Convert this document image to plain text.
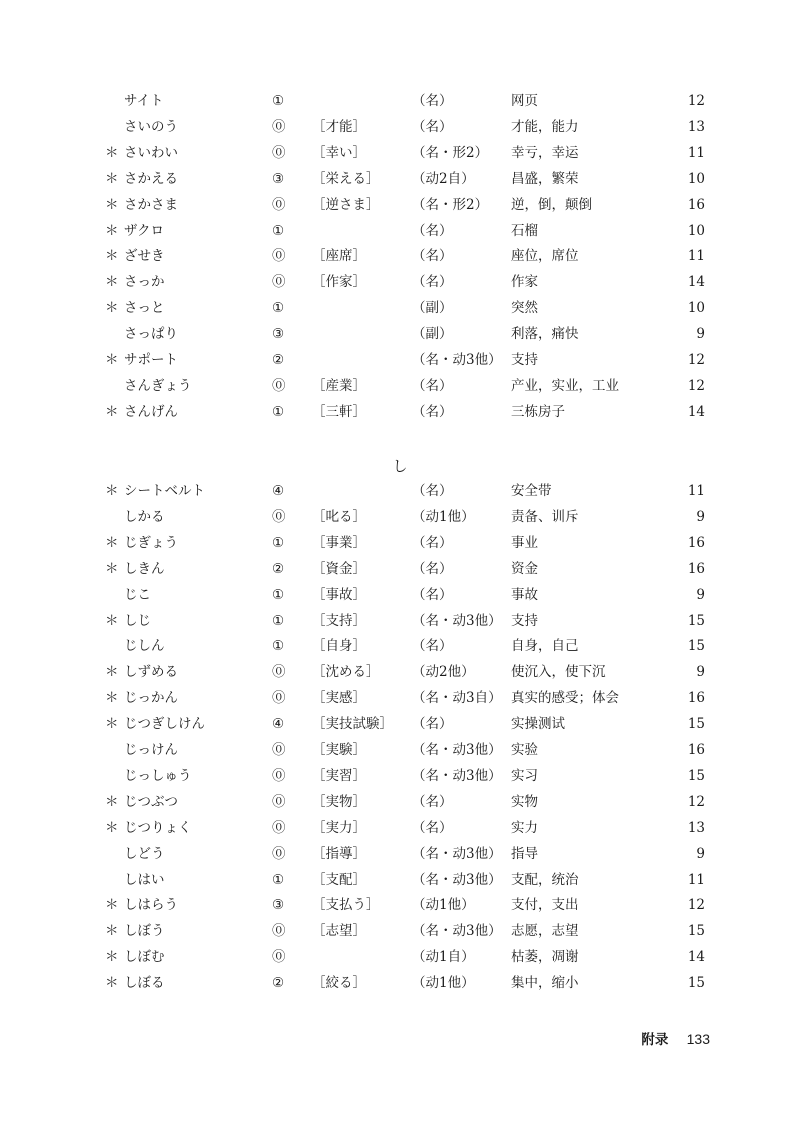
サイト	①	（名）	网页	12
さいのう	⓪ ［才能］	（名）	才能，能力	13
＊ さいわい	⓪ ［幸い］	（名・形2） 幸亏，幸运	11
＊ さかえる	③ ［栄える］ （动2自）	昌盛，繁荣	10
＊ さかさま	⓪ ［逆さま］ （名・形2） 逆，倒，颠倒	16
＊ ザクロ	①	（名）	石榴	10
＊ ざせき	⓪ ［座席］	（名）	座位，席位	11
＊ さっか	⓪ ［作家］	（名）	作家	14
＊ さっと	①	（副）	突然	10
さっぱり	③	（副）	利落，痛快	9
＊ サポート	②	（名・动3他） 支持	12
さんぎょう	⓪ ［産業］	（名）	产业，实业，工业	12
＊ さんげん	① ［三軒］	（名）	三栋房子	14
＊ シートベルト	④	（名）	安全带	11
しかる	⓪ ［叱る］	（动1他）	责备、训斥	9
＊ じぎょう	① ［事業］	（名）	事业	16
＊ しきん	② ［資金］	（名）	资金	16
じこ	① ［事故］	（名）	事故	9
＊ しじ	① ［支持］	（名・动3他） 支持	15
じしん	① ［自身］	（名）	自身，自己	15
＊ しずめる	⓪ ［沈める］ （动2他）	使沉入，使下沉	9
＊ じっかん	⓪ ［実感］	（名・动3自） 真实的感受；体会	16
＊ じつぎしけん	④ ［実技試験］ （名）	实操测试	15
じっけん	⓪ ［実験］	（名・动3他） 实验	16
じっしゅう	⓪ ［実習］	（名・动3他） 实习	15
＊ じつぶつ	⓪ ［実物］	（名）	实物	12
＊ じつりょく	⓪ ［実力］	（名）	实力	13
しどう	⓪ ［指導］	（名・动3他） 指导	9
しはい	① ［支配］	（名・动3他） 支配，统治	11
＊ しはらう	③ ［支払う］ （动1他）	支付，支出	12
＊ しぼう	⓪ ［志望］	（名・动3他） 志愿，志望	15
＊ しぼむ	⓪	（动1自）	枯萎，凋谢	14
＊ しぼる	② ［絞る］	（动1他）	集中，缩小	15
し
附录 133
